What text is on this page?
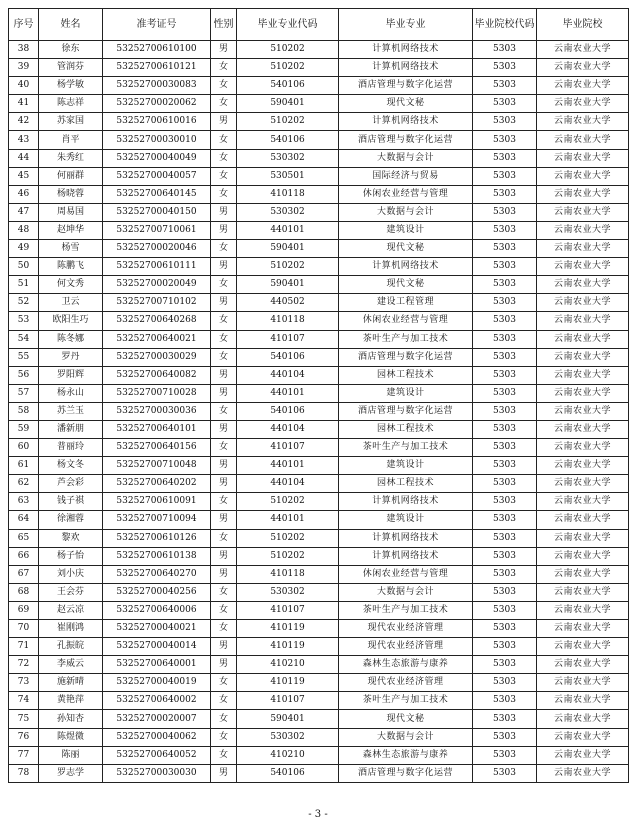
序号	姓名	准考证号	性别	毕业专业代码	毕业专业	毕业院校代码	毕业院校
38	徐东	53252700610100	男	510202	计算机网络技术	5303	云南农业大学
39	管润芬	53252700610121	女	510202	计算机网络技术	5303	云南农业大学
40	杨学敏	53252700030083	女	540106	酒店管理与数字化运营	5303	云南农业大学
41	陈志祥	53252700020062	女	590401	现代文秘	5303	云南农业大学
42	苏家国	53252700610016	男	510202	计算机网络技术	5303	云南农业大学
43	肖平	53252700030010	女	540106	酒店管理与数字化运营	5303	云南农业大学
44	朱秀红	53252700040049	女	530302	大数据与会计	5303	云南农业大学
45	何丽群	53252700040057	女	530501	国际经济与贸易	5303	云南农业大学
46	杨晓蓉	53252700640145	女	410118	休闲农业经营与管理	5303	云南农业大学
47	周易国	53252700040150	男	530302	大数据与会计	5303	云南农业大学
48	赵坤华	53252700710061	男	440101	建筑设计	5303	云南农业大学
49	杨雪	53252700020046	女	590401	现代文秘	5303	云南农业大学
50	陈鹏飞	53252700610111	男	510202	计算机网络技术	5303	云南农业大学
51	何文秀	53252700020049	女	590401	现代文秘	5303	云南农业大学
52	卫云	53252700710102	男	440502	建设工程管理	5303	云南农业大学
53	欧阳生巧	53252700640268	女	410118	休闲农业经营与管理	5303	云南农业大学
54	陈冬娜	53252700640021	女	410107	茶叶生产与加工技术	5303	云南农业大学
55	罗丹	53252700030029	女	540106	酒店管理与数字化运营	5303	云南农业大学
56	罗阳辉	53252700640082	男	440104	园林工程技术	5303	云南农业大学
57	杨永山	53252700710028	男	440101	建筑设计	5303	云南农业大学
58	苏兰玉	53252700030036	女	540106	酒店管理与数字化运营	5303	云南农业大学
59	潘新朋	53252700640101	男	440104	园林工程技术	5303	云南农业大学
60	普丽玲	53252700640156	女	410107	茶叶生产与加工技术	5303	云南农业大学
61	杨文冬	53252700710048	男	440101	建筑设计	5303	云南农业大学
62	芦会彩	53252700640202	男	440104	园林工程技术	5303	云南农业大学
63	钱子祺	53252700610091	女	510202	计算机网络技术	5303	云南农业大学
64	徐湘蓉	53252700710094	男	440101	建筑设计	5303	云南农业大学
65	黎欢	53252700610126	女	510202	计算机网络技术	5303	云南农业大学
66	杨子怡	53252700610138	男	510202	计算机网络技术	5303	云南农业大学
67	刘小庆	53252700640270	男	410118	休闲农业经营与管理	5303	云南农业大学
68	王会芬	53252700040256	女	530302	大数据与会计	5303	云南农业大学
69	赵云凉	53252700640006	女	410107	茶叶生产与加工技术	5303	云南农业大学
70	崔刚鸿	53252700040021	女	410119	现代农业经济管理	5303	云南农业大学
71	孔振皖	53252700040014	男	410119	现代农业经济管理	5303	云南农业大学
72	李威云	53252700640001	男	410210	森林生态旅游与康养	5303	云南农业大学
73	施新晴	53252700040019	女	410119	现代农业经济管理	5303	云南农业大学
74	黄艳萍	53252700640002	女	410107	茶叶生产与加工技术	5303	云南农业大学
75	孙知杏	53252700020007	女	590401	现代文秘	5303	云南农业大学
76	陈煜微	53252700040062	女	530302	大数据与会计	5303	云南农业大学
77	陈丽	53252700640052	女	410210	森林生态旅游与康养	5303	云南农业大学
78	罗志学	53252700030030	男	540106	酒店管理与数字化运营	5303	云南农业大学
- 3 -
